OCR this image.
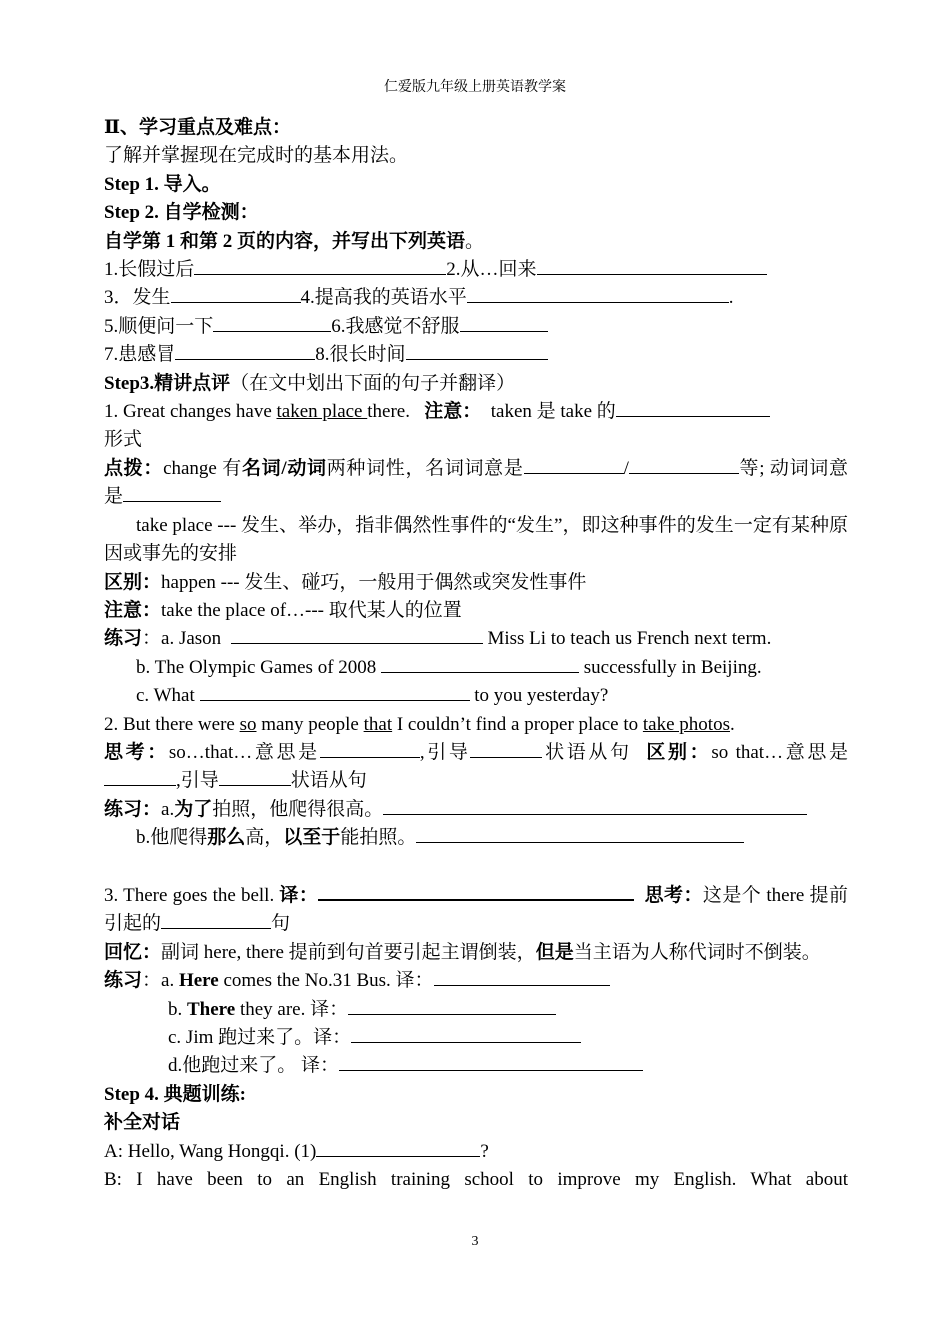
仁爱版九年级上册英语教学案
Ⅱ、学习重点及难点：
了解并掌握现在完成时的基本用法。
Step 1. 导入。
Step 2. 自学检测：
自学第 1 和第 2 页的内容，并写出下列英语。
1.长假过后	2.从…回来
3．发生	4.提高我的英语水平	.
5.顺便问一下	6.我感觉不舒服
7.患感冒	8.很长时间
Step3.精讲点评（在文中划出下面的句子并翻译）
1. Great changes have taken place there.   注意：  taken 是 take 的
形式
点拨：change 有名词/动词两种词性，名词词意是	/	等; 动词词意是
take place --- 发生、举办，指非偶然性事件的“发生”，即这种事件的发生一定有某种原因或事先的安排
区别：happen --- 发生、碰巧，一般用于偶然或突发性事件
注意：take the place of…--- 取代某人的位置
练习：a. Jason	Miss Li to teach us French next term.
b. The Olympic Games of 2008	successfully in Beijing.
c. What	to you yesterday?
2. But there were so many people that I couldn’t find a proper place to take photos.
思考：so…that…意思是	,引导	状语从句  区别：so that…意思是,引导	状语从句
练习：a.为了拍照，他爬得很高。
b.他爬得那么高，以至于能拍照。
3. There goes the bell. 译：	思考：这是个 there 提前引起的	句
回忆：副词 here, there 提前到句首要引起主谓倒装，但是当主语为人称代词时不倒装。
练习：a. Here comes the No.31 Bus. 译：
b. There they are. 译：
c. Jim 跑过来了。译：
d.他跑过来了。 译：
Step 4. 典题训练:
补全对话
A: Hello, Wang Hongqi. (1)	?
B: I have been to an English training school to improve my English. What about
3
